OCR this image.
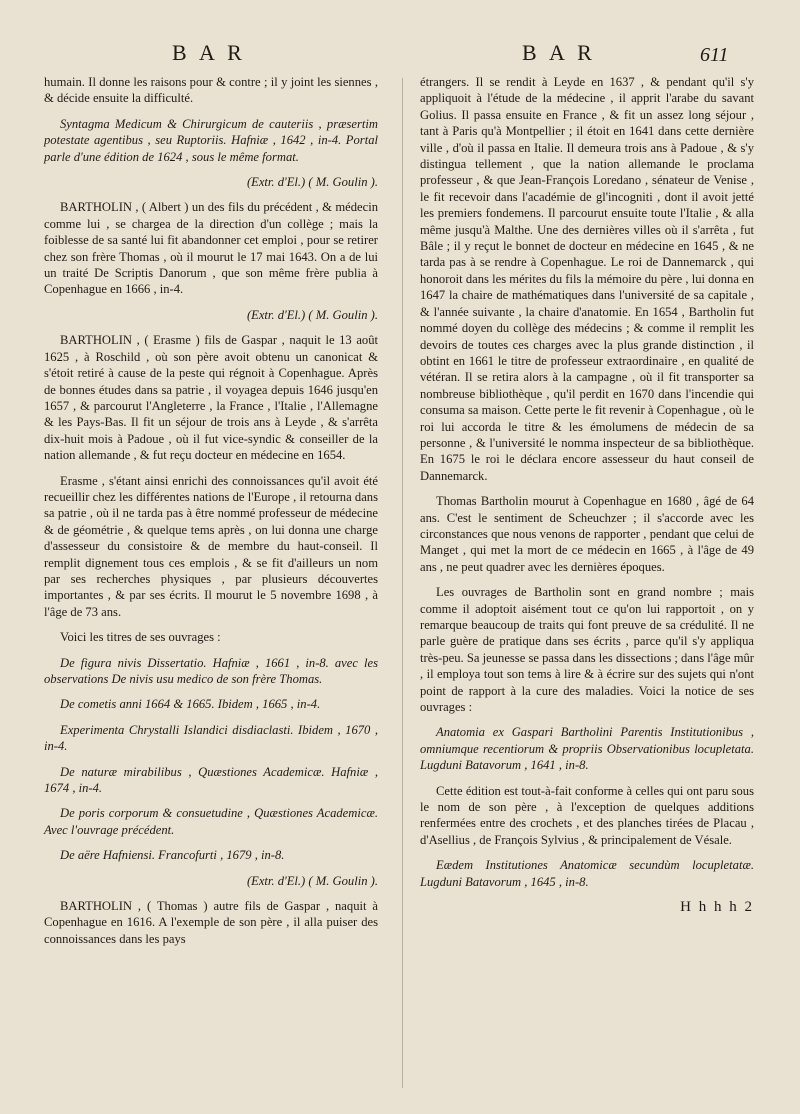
B A R	B A R	611

humain. Il donne les raisons pour & contre ; il y joint les siennes , & décide ensuite la difficulté.

Syntagma Medicum & Chirurgicum de cauteriis , præsertim potestate agentibus , seu Ruptoriis. Hafniæ , 1642 , in-4. Portal parle d'une édition de 1624 , sous le même format.

(Extr. d'El.) ( M. Goulin ).

BARTHOLIN , ( Albert ) un des fils du précédent , & médecin comme lui , se chargea de la direction d'un collège ; mais la foiblesse de sa santé lui fit abandonner cet emploi , pour se retirer chez son frère Thomas , où il mourut le 17 mai 1643. On a de lui un traité De Scriptis Danorum , que son même frère publia à Copenhague en 1666 , in-4.

(Extr. d'El.) ( M. Goulin ).

BARTHOLIN , ( Erasme ) fils de Gaspar , naquit le 13 août 1625 , à Roschild , où son père avoit obtenu un canonicat & s'étoit retiré à cause de la peste qui régnoit à Copenhague. Après de bonnes études dans sa patrie , il voyagea depuis 1646 jusqu'en 1657 , & parcourut l'Angleterre , la France , l'Italie , l'Allemagne & les Pays-Bas. Il fit un séjour de trois ans à Leyde , & s'arrêta dix-huit mois à Padoue , où il fut vice-syndic & conseiller de la nation allemande , & fut reçu docteur en médecine en 1654.

Erasme , s'étant ainsi enrichi des connoissances qu'il avoit été recueillir chez les différentes nations de l'Europe , il retourna dans sa patrie , où il ne tarda pas à être nommé professeur de médecine & de géométrie , & quelque tems après , on lui donna une charge d'assesseur du consistoire & de membre du haut-conseil. Il remplit dignement tous ces emplois , & se fit d'ailleurs un nom par ses recherches physiques , par plusieurs découvertes importantes , & par ses écrits. Il mourut le 5 novembre 1698 , à l'âge de 73 ans.

Voici les titres de ses ouvrages :

De figura nivis Dissertatio. Hafniæ , 1661 , in-8. avec les observations De nivis usu medico de son frère Thomas.

De cometis anni 1664 & 1665. Ibidem , 1665 , in-4.

Experimenta Chrystalli Islandici disdiaclasti. Ibidem , 1670 , in-4.

De naturæ mirabilibus , Quæstiones Academicæ. Hafniæ , 1674 , in-4.

De poris corporum & consuetudine , Quæstiones Academicæ. Avec l'ouvrage précédent.

De aëre Hafniensi. Francofurti , 1679 , in-8.

(Extr. d'El.) ( M. Goulin ).

BARTHOLIN , ( Thomas ) autre fils de Gaspar , naquit à Copenhague en 1616. A l'exemple de son père , il alla puiser des connoissances dans les pays

étrangers. Il se rendit à Leyde en 1637 , & pendant qu'il s'y appliquoit à l'étude de la médecine , il apprit l'arabe du savant Golius. Il passa ensuite en France , & fit un assez long séjour , tant à Paris qu'à Montpellier ; il étoit en 1641 dans cette dernière ville , d'où il passa en Italie. Il demeura trois ans à Padoue , & s'y distingua tellement , que la nation allemande le proclama professeur , & que Jean-François Loredano , sénateur de Venise , le fit recevoir dans l'académie de gl'incogniti , dont il avoit jetté les premiers fondemens. Il parcourut ensuite toute l'Italie , & alla même jusqu'à Malthe. Une des dernières villes où il s'arrêta , fut Bâle ; il y reçut le bonnet de docteur en médecine en 1645 , & ne tarda pas à se rendre à Copenhague. Le roi de Dannemarck , qui honoroit dans les mérites du fils la mémoire du père , lui donna en 1647 la chaire de mathématiques dans l'université de sa capitale , & l'année suivante , la chaire d'anatomie. En 1654 , Bartholin fut nommé doyen du collège des médecins ; & comme il remplit les devoirs de toutes ces charges avec la plus grande distinction , il obtint en 1661 le titre de professeur extraordinaire , en qualité de vétéran. Il se retira alors à la campagne , où il fit transporter sa nombreuse bibliothèque , qu'il perdit en 1670 dans l'incendie qui consuma sa maison. Cette perte le fit revenir à Copenhague , où le roi lui accorda le titre & les émolumens de médecin de sa personne , & l'université le nomma inspecteur de sa bibliothèque. En 1675 le roi le déclara encore assesseur du haut conseil de Dannemarck.

Thomas Bartholin mourut à Copenhague en 1680 , âgé de 64 ans. C'est le sentiment de Scheuchzer ; il s'accorde avec les circonstances que nous venons de rapporter , pendant que celui de Manget , qui met la mort de ce médecin en 1665 , à l'âge de 49 ans , ne peut quadrer avec les dernières époques.

Les ouvrages de Bartholin sont en grand nombre ; mais comme il adoptoit aisément tout ce qu'on lui rapportoit , on y remarque beaucoup de traits qui font preuve de sa crédulité. Il ne parle guère de pratique dans ses écrits , parce qu'il s'y appliqua très-peu. Sa jeunesse se passa dans les dissections ; dans l'âge mûr , il employa tout son tems à lire & à écrire sur des sujets qui n'ont point de rapport à la cure des maladies. Voici la notice de ses ouvrages :

Anatomia ex Gaspari Bartholini Parentis Institutionibus , omniumque recentiorum & propriis Observationibus locupletata. Lugduni Batavorum , 1641 , in-8.

Cette édition est tout-à-fait conforme à celles qui ont paru sous le nom de son père , à l'exception de quelques additions renfermées entre des crochets , et des planches tirées de Placau , d'Asellius , de François Sylvius , & principalement de Vésale.

Eædem Institutiones Anatomicæ secundùm locupletatæ. Lugduni Batavorum , 1645 , in-8.

H h h h 2
